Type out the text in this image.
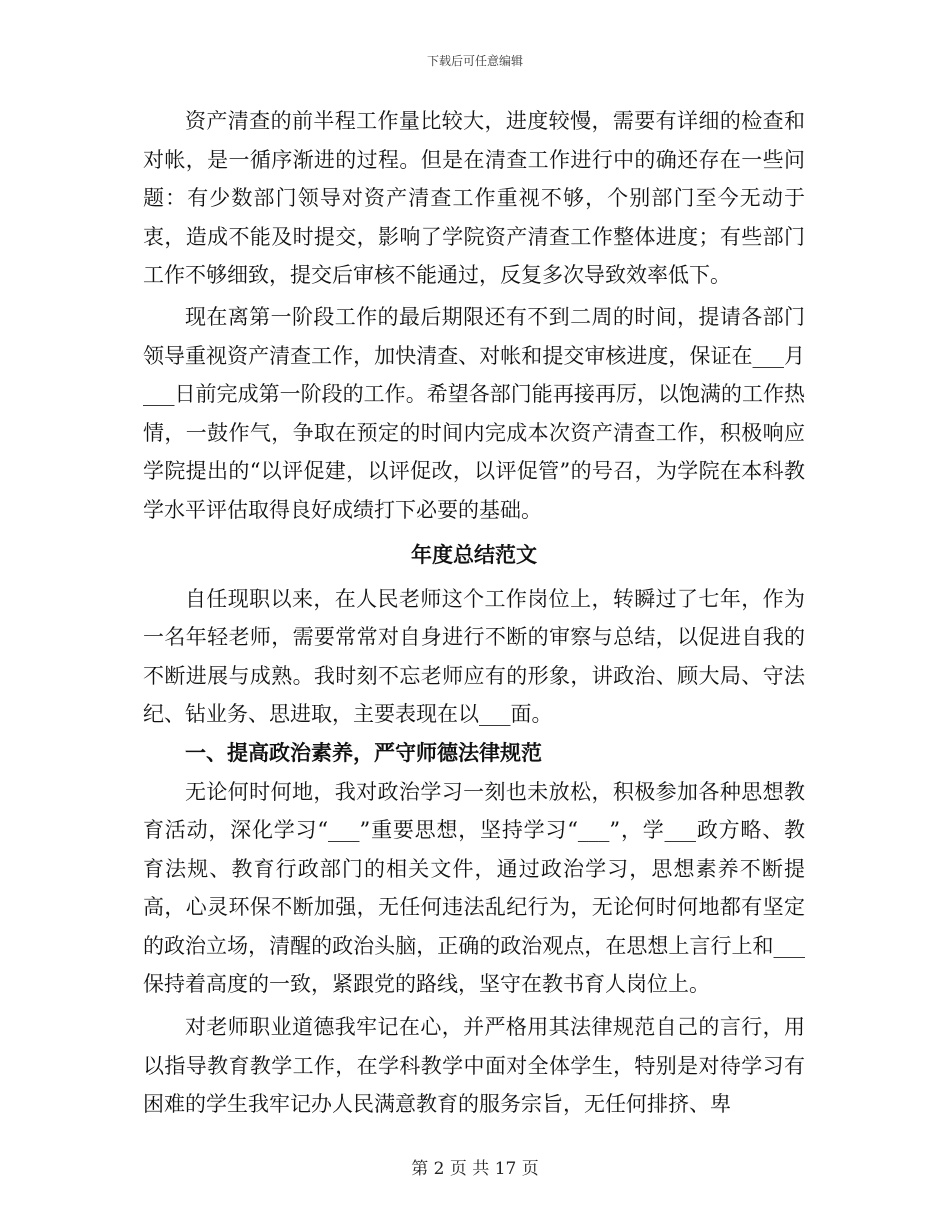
下载后可任意编辑

资产清查的前半程工作量比较大，进度较慢，需要有详细的检查和对帐，是一循序渐进的过程。但是在清查工作进行中的确还存在一些问题：有少数部门领导对资产清查工作重视不够，个别部门至今无动于衷，造成不能及时提交，影响了学院资产清查工作整体进度；有些部门工作不够细致，提交后审核不能通过，反复多次导致效率低下。

现在离第一阶段工作的最后期限还有不到二周的时间，提请各部门领导重视资产清查工作，加快清查、对帐和提交审核进度，保证在___月___日前完成第一阶段的工作。希望各部门能再接再厉，以饱满的工作热情，一鼓作气，争取在预定的时间内完成本次资产清查工作，积极响应学院提出的“以评促建，以评促改，以评促管”的号召，为学院在本科教学水平评估取得良好成绩打下必要的基础。

年度总结范文

自任现职以来，在人民老师这个工作岗位上，转瞬过了七年，作为一名年轻老师，需要常常对自身进行不断的审察与总结，以促进自我的不断进展与成熟。我时刻不忘老师应有的形象，讲政治、顾大局、守法纪、钻业务、思进取，主要表现在以___面。

一、提高政治素养，严守师德法律规范

无论何时何地，我对政治学习一刻也未放松，积极参加各种思想教育活动，深化学习“___”重要思想，坚持学习“___”，学___政方略、教育法规、教育行政部门的相关文件，通过政治学习，思想素养不断提高，心灵环保不断加强，无任何违法乱纪行为，无论何时何地都有坚定的政治立场，清醒的政治头脑，正确的政治观点，在思想上言行上和___保持着高度的一致，紧跟党的路线，坚守在教书育人岗位上。

对老师职业道德我牢记在心，并严格用其法律规范自己的言行，用以指导教育教学工作，在学科教学中面对全体学生，特别是对待学习有困难的学生我牢记办人民满意教育的服务宗旨，无任何排挤、卑

第 2 页 共 17 页
